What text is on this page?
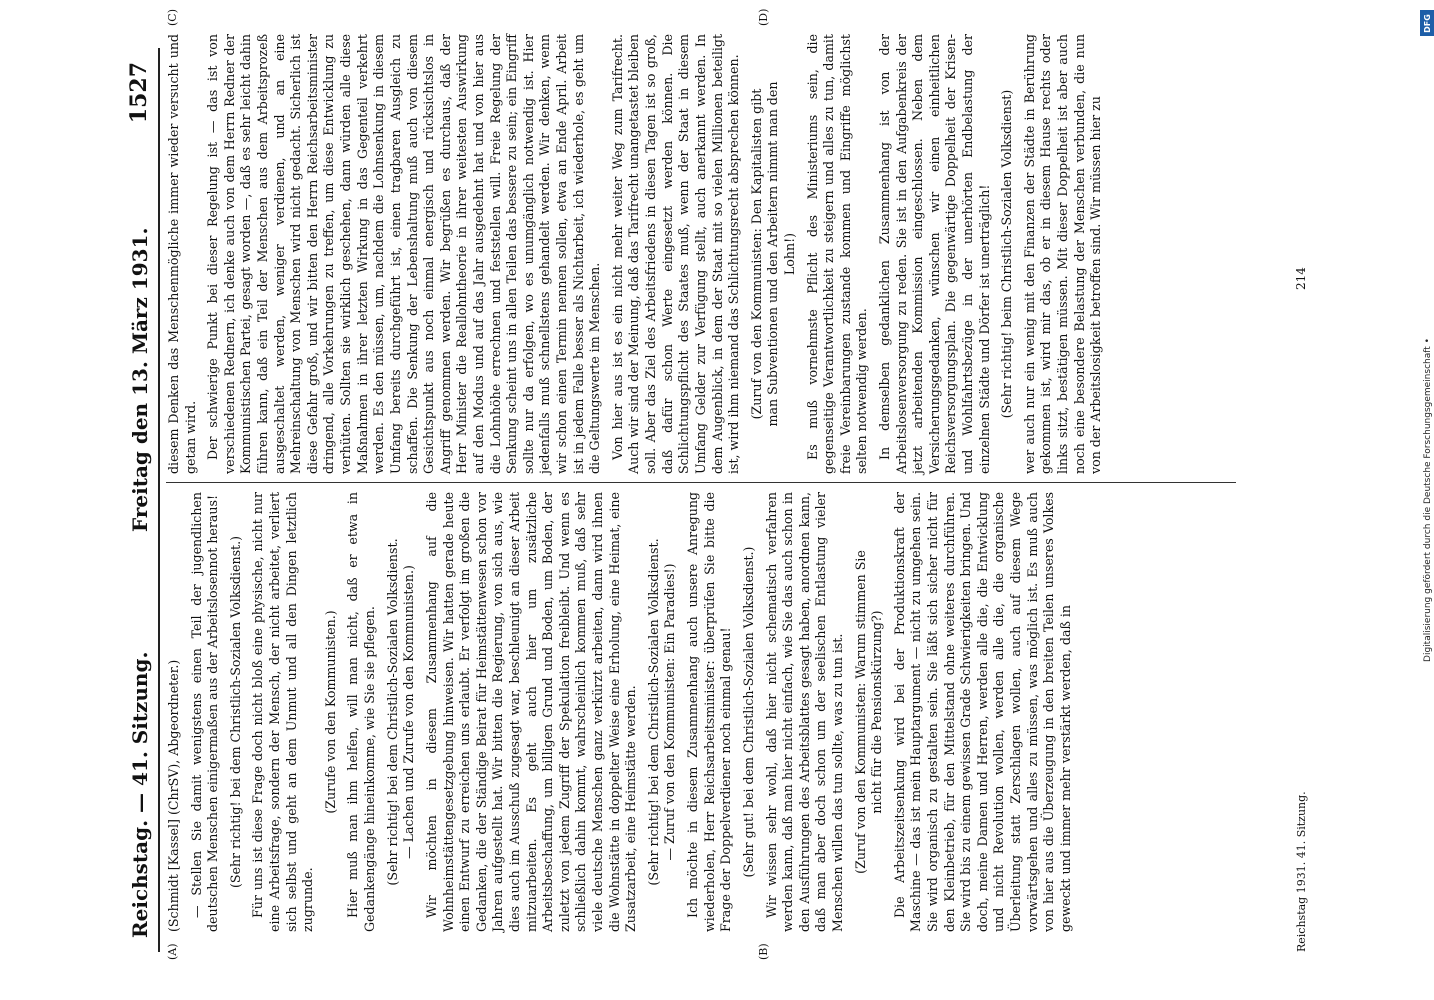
Reichstag. — 41. Sitzung.
Freitag den 13. März 1931.
1527
(A)	(B)
(C)	(D)

(Schmidt [Kassel] (ChrSV), Abgeordneter.) — Stellen Sie damit wenigstens einen Teil der jugendlichen deutschen Menschen einigermaßen aus der Arbeitslosennot heraus! (Sehr richtig! bei dem Christlich-Sozialen Volksdienst.) Für uns ist diese Frage doch nicht bloß eine physische, nicht nur eine Arbeitsfrage, sondern der Mensch, der nicht arbeitet, verliert sich selbst und geht an dem Unmut und all den Dingen letztlich zugrunde.

(Zurufe von den Kommunisten.) Hier muß man ihm helfen, will man nicht, daß er etwa in Gedankengänge hineinkomme, wie Sie sie pflegen. (Sehr richtig! bei dem Christlich-Sozialen Volksdienst. — Lachen und Zurufe von den Kommunisten.) Wir möchten in diesem Zusammenhang auf die Wohnheimstättengesetzgebung hinweisen. Wir hatten gerade heute einen Entwurf zu erreichen uns erlaubt. Er verfolgt im großen die Gedanken, die der Ständige Beirat für Heimstättenwesen schon vor Jahren aufgestellt hat. Wir bitten die Regierung, von sich aus, wie dies auch im Ausschuß zugesagt war, beschleunigt an dieser Arbeit mitzuarbeiten. Es geht auch hier um zusätzliche Arbeitsbeschaffung, um billigen Grund und Boden, um Boden, der zuletzt von jedem Zugriff der Spekulation freibleibt. Und wenn es schließlich dahin kommt, wahrscheinlich kommen muß, daß sehr viele deutsche Menschen ganz verkürzt arbeiten, dann wird ihnen die Wohnstätte in doppelter Weise eine Erholung, eine Heimat, eine Zusatzarbeit, eine Heimstätte werden. (Sehr richtig! bei dem Christlich-Sozialen Volksdienst. — Zuruf von den Kommunisten: Ein Paradies!) Ich möchte in diesem Zusammenhang auch unsere Anregung wiederholen, Herr Reichsarbeitsminister: überprüfen Sie bitte die Frage der Doppelverdiener noch einmal genau! (Sehr gut! bei dem Christlich-Sozialen Volksdienst.) Wir wissen sehr wohl, daß hier nicht schematisch verfahren werden kann, daß man hier nicht einfach, wie Sie das auch schon in den Ausführungen des Arbeitsblattes gesagt haben, anordnen kann, daß man aber doch schon um der seelischen Entlastung vieler Menschen willen das tun sollte, was zu tun ist. (Zuruf von den Kommunisten: Warum stimmen Sie nicht für die Pensionskürzung?) Die Arbeitszeitsenkung wird bei der Produktionskraft der Maschine — das ist mein Hauptargument — nicht zu umgehen sein. Sie wird organisch zu gestalten sein. Sie läßt sich sicher nicht für den Kleinbetrieb, für den Mittelstand ohne weiteres durchführen. Sie wird bis zu einem gewissen Grade Schwierigkeiten bringen. Und doch, meine Damen und Herren, werden alle die, die Entwicklung und nicht Revolution wollen, werden alle die, die organische Überleitung statt Zerschlagen wollen, auch auf diesem Wege vorwärtsgehen und alles zu müssen, was möglich ist. Es muß auch von hier aus die Überzeugung in den breiten Teilen unseres Volkes geweckt und immer mehr verstärkt werden, daß in

diesem Denken das Menschenmögliche immer wieder versucht und getan wird. Der schwierige Punkt bei dieser Regelung ist — das ist von verschiedenen Rednern, ich denke auch von dem Herrn Redner der Kommunistischen Partei, gesagt worden —, daß es sehr leicht dahin führen kann, daß ein Teil der Menschen aus dem Arbeitsprozeß ausgeschaltet werden, weniger verdienen, und an eine Mehreinschaltung von Menschen wird nicht gedacht. Sicherlich ist diese Gefahr groß, und wir bitten den Herrn Reichsarbeitsminister dringend, alle Vorkehrungen zu treffen, um diese Entwicklung zu verhüten. Sollten sie wirklich geschehen, dann würden alle diese Maßnahmen in ihrer letzten Wirkung in das Gegenteil verkehrt werden. Es den müssen, um, nachdem die Lohnsenkung in diesem Umfang bereits durchgeführt ist, einen tragbaren Ausgleich zu schaffen. Die Senkung der Lebenshaltung muß auch von diesem Gesichtspunkt aus noch einmal energisch und rücksichtslos in Angriff genommen werden. Wir begrüßen es durchaus, daß der Herr Minister die Reallohntheorie in ihrer weitesten Auswirkung auf den Modus und auf das Jahr ausgedehnt hat und von hier aus die Lohnhöhe errechnen und feststellen will. Freie Regelung der Senkung scheint uns in allen Teilen das bessere zu sein; ein Eingriff sollte nur da erfolgen, wo es unumgänglich notwendig ist. Hier jedenfalls muß schnellstens gehandelt werden. Wir denken, wenn wir schon einen Termin nennen sollen, etwa an Ende April. Arbeit ist in jedem Falle besser als Nichtarbeit, ich wiederhole, es geht um die Geltungswerte im Menschen. Von hier aus ist es ein nicht mehr weiter Weg zum Tarifrecht. Auch wir sind der Meinung, daß das Tarifrecht unangetastet bleiben soll. Aber das Ziel des Arbeitsfriedens in diesen Tagen ist so groß, daß dafür schon Werte eingesetzt werden können. Die Schlichtungspflicht des Staates muß, wenn der Staat in diesem Umfang Gelder zur Verfügung stellt, auch anerkannt werden. In dem Augenblick, in dem der Staat mit so vielen Millionen beteiligt ist, wird ihm niemand das Schlichtungsrecht absprechen können. (Zuruf von den Kommunisten: Den Kapitalisten gibt man Subventionen und den Arbeitern nimmt man den Lohn!) Es muß vornehmste Pflicht des Ministeriums sein, die gegenseitige Verantwortlichkeit zu steigern und alles zu tun, damit freie Vereinbarungen zustande kommen und Eingriffe möglichst selten notwendig werden. In demselben gedanklichen Zusammenhang ist von der Arbeitslosenversorgung zu reden. Sie ist in den Aufgabenkreis der jetzt arbeitenden Kommission eingeschlossen. Neben dem Versicherungsgedanken, wünschen wir einen einheitlichen Reichsversorgungsplan. Die gegenwärtige Doppelheit der Krisen- und Wohlfahrtsbezüge in der unerhörten Endbelastung der einzelnen Städte und Dörfer ist unerträglich! (Sehr richtig! beim Christlich-Sozialen Volksdienst) wer auch nur ein wenig mit den Finanzen der Städte in Berührung gekommen ist, wird mir das, ob er in diesem Hause rechts oder links sitzt, bestätigen müssen. Mit dieser Doppelheit ist aber auch noch eine besondere Belastung der Menschen verbunden, die nun von der Arbeitslosigkeit betroffen sind. Wir müssen hier zu

Reichstag 1931. 41. Sitzung.
214
DFG
Digitalisierung gefördert durch die Deutsche Forschungsgemeinschaft •
